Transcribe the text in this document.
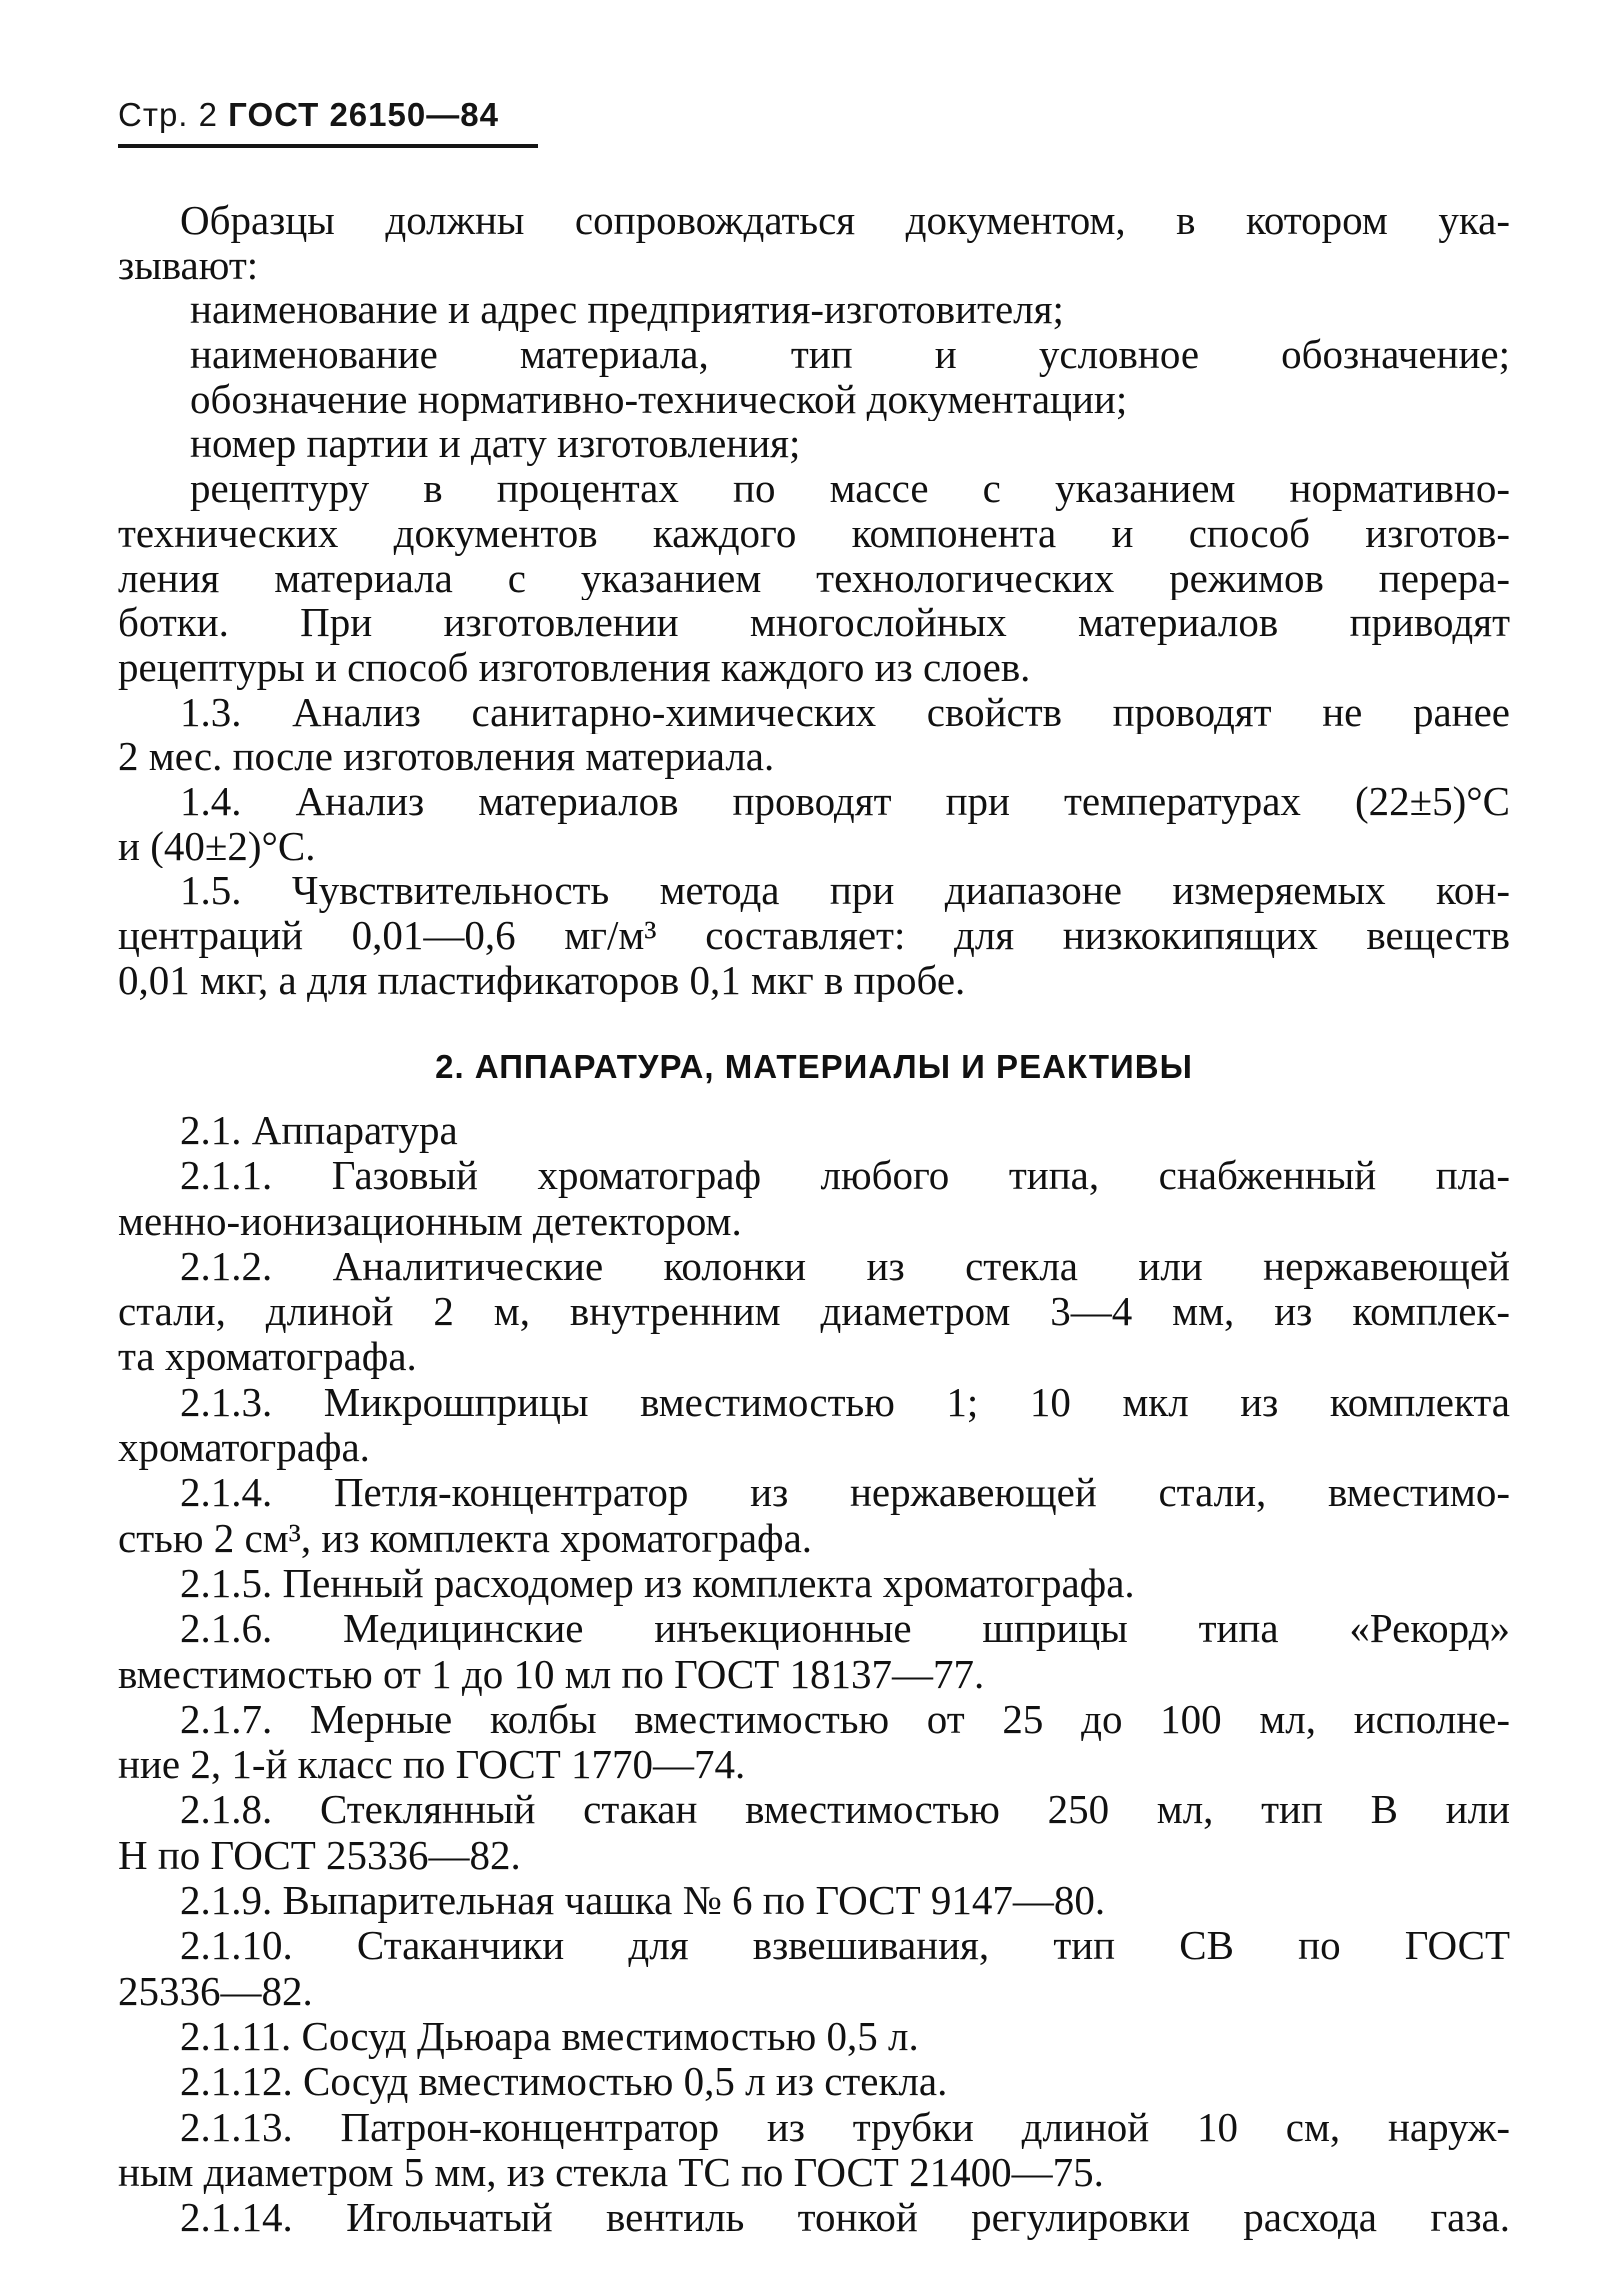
Стр. 2 ГОСТ 26150—84
Образцы должны сопровождаться документом, в котором ука-
зывают:
наименование и адрес предприятия-изготовителя;
наименование материала, тип и условное обозначение;
обозначение нормативно-технической документации;
номер партии и дату изготовления;
рецептуру в процентах по массе с указанием нормативно-
технических документов каждого компонента и способ изготов-
ления материала с указанием технологических режимов перера-
ботки. При изготовлении многослойных материалов приводят
рецептуры и способ изготовления каждого из слоев.
1.3. Анализ санитарно-химических свойств проводят не ранее
2 мес. после изготовления материала.
1.4. Анализ материалов проводят при температурах (22±5)°С
и (40±2)°С.
1.5. Чувствительность метода при диапазоне измеряемых кон-
центраций 0,01—0,6 мг/м³ составляет: для низкокипящих веществ
0,01 мкг, а для пластификаторов 0,1 мкг в пробе.
2. АППАРАТУРА, МАТЕРИАЛЫ И РЕАКТИВЫ
2.1. Аппаратура
2.1.1. Газовый хроматограф любого типа, снабженный пла-
менно-ионизационным детектором.
2.1.2. Аналитические колонки из стекла или нержавеющей
стали, длиной 2 м, внутренним диаметром 3—4 мм, из комплек-
та хроматографа.
2.1.3. Микрошприцы вместимостью 1; 10 мкл из комплекта
хроматографа.
2.1.4. Петля-концентратор из нержавеющей стали, вместимо-
стью 2 см³, из комплекта хроматографа.
2.1.5. Пенный расходомер из комплекта хроматографа.
2.1.6. Медицинские инъекционные шприцы типа «Рекорд»
вместимостью от 1 до 10 мл по ГОСТ 18137—77.
2.1.7. Мерные колбы вместимостью от 25 до 100 мл, исполне-
ние 2, 1-й класс по ГОСТ 1770—74.
2.1.8. Стеклянный стакан вместимостью 250 мл, тип В или
Н по ГОСТ 25336—82.
2.1.9. Выпарительная чашка № 6 по ГОСТ 9147—80.
2.1.10. Стаканчики для взвешивания, тип СВ по ГОСТ
25336—82.
2.1.11. Сосуд Дьюара вместимостью 0,5 л.
2.1.12. Сосуд вместимостью 0,5 л из стекла.
2.1.13. Патрон-концентратор из трубки длиной 10 см, наруж-
ным диаметром 5 мм, из стекла ТС по ГОСТ 21400—75.
2.1.14. Игольчатый вентиль тонкой регулировки расхода газа.
